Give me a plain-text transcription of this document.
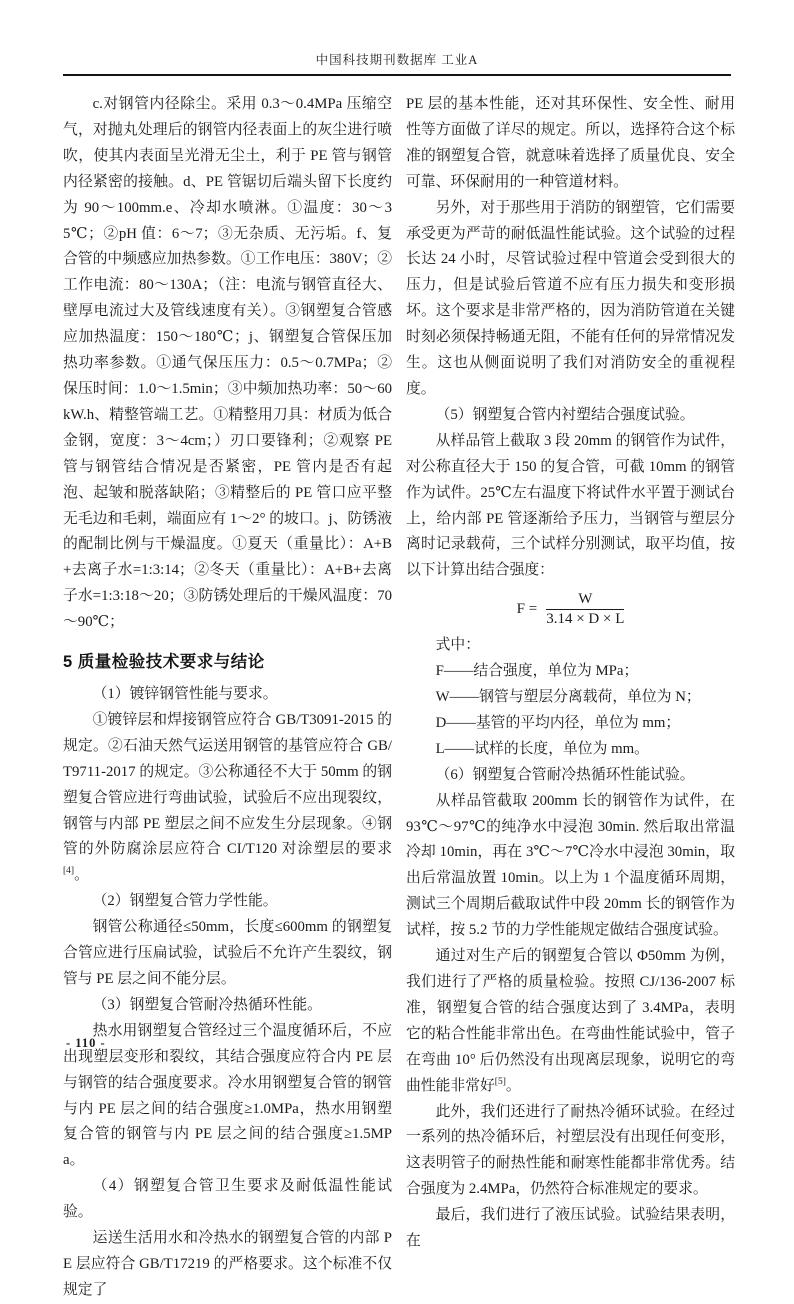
中国科技期刊数据库 工业A

c.对钢管内径除尘。采用 0.3～0.4MPa 压缩空气，对抛丸处理后的钢管内径表面上的灰尘进行喷吹，使其内表面呈光滑无尘土，利于 PE 管与钢管内径紧密的接触。d、PE 管锯切后端头留下长度约为 90～100mm.e、冷却水喷淋。①温度：30～35℃；②pH 值：6～7；③无杂质、无污垢。f、复合管的中频感应加热参数。①工作电压：380V；②工作电流：80～130A；（注：电流与钢管直径大、壁厚电流过大及管线速度有关）。③钢塑复合管感应加热温度：150～180℃；j、钢塑复合管保压加热功率参数。①通气保压压力：0.5～0.7MPa；②保压时间：1.0～1.5min；③中频加热功率：50～60kW.h、精整管端工艺。①精整用刀具：材质为低合金钢，宽度：3～4cm；）刃口要锋利；②观察 PE 管与钢管结合情况是否紧密，PE 管内是否有起泡、起皱和脱落缺陷；③精整后的 PE 管口应平整无毛边和毛刺，端面应有 1～2° 的坡口。j、防锈液的配制比例与干燥温度。①夏天（重量比）：A+B+去离子水=1:3:14；②冬天（重量比）：A+B+去离子水=1:3:18～20；③防锈处理后的干燥风温度：70～90℃；

5 质量检验技术要求与结论

（1）镀锌钢管性能与要求。

①镀锌层和焊接钢管应符合 GB/T3091-2015 的规定。②石油天然气运送用钢管的基管应符合 GB/T9711-2017 的规定。③公称通径不大于 50mm 的钢塑复合管应进行弯曲试验，试验后不应出现裂纹，钢管与内部 PE 塑层之间不应发生分层现象。④钢管的外防腐涂层应符合 CI/T120 对涂塑层的要求[4]。

（2）钢塑复合管力学性能。

钢管公称通径≤50mm，长度≤600mm 的钢塑复合管应进行压扁试验，试验后不允许产生裂纹，钢管与 PE 层之间不能分层。

（3）钢塑复合管耐冷热循环性能。

热水用钢塑复合管经过三个温度循环后，不应出现塑层变形和裂纹，其结合强度应符合内 PE 层与钢管的结合强度要求。冷水用钢塑复合管的钢管与内 PE 层之间的结合强度≥1.0MPa，热水用钢塑复合管的钢管与内 PE 层之间的结合强度≥1.5MPa。

（4）钢塑复合管卫生要求及耐低温性能试验。

运送生活用水和冷热水的钢塑复合管的内部 PE 层应符合 GB/T17219 的严格要求。这个标准不仅规定了

PE 层的基本性能，还对其环保性、安全性、耐用性等方面做了详尽的规定。所以，选择符合这个标准的钢塑复合管，就意味着选择了质量优良、安全可靠、环保耐用的一种管道材料。

另外，对于那些用于消防的钢塑管，它们需要承受更为严苛的耐低温性能试验。这个试验的过程长达 24 小时，尽管试验过程中管道会受到很大的压力，但是试验后管道不应有压力损失和变形损坏。这个要求是非常严格的，因为消防管道在关键时刻必须保持畅通无阻，不能有任何的异常情况发生。这也从侧面说明了我们对消防安全的重视程度。

（5）钢塑复合管内衬塑结合强度试验。

从样品管上截取 3 段 20mm 的钢管作为试件，对公称直径大于 150 的复合管，可截 10mm 的钢管作为试件。25℃左右温度下将试件水平置于测试台上，给内部 PE 管逐渐给予压力，当钢管与塑层分离时记录载荷，三个试样分别测试，取平均值，按以下计算出结合强度：

$F = \frac{W}{3.14 \times D \times L}$

式中：

F——结合强度，单位为 MPa；

W——钢管与塑层分离载荷，单位为 N；

D——基管的平均内径，单位为 mm；

L——试样的长度，单位为 mm。

（6）钢塑复合管耐冷热循环性能试验。

从样品管截取 200mm 长的钢管作为试件，在 93℃～97℃的纯净水中浸泡 30min. 然后取出常温冷却 10min，再在 3℃～7℃冷水中浸泡 30min，取出后常温放置 10min。以上为 1 个温度循环周期，测试三个周期后截取试件中段 20mm 长的钢管作为试样，按 5.2 节的力学性能规定做结合强度试验。

通过对生产后的钢塑复合管以 Φ50mm 为例，我们进行了严格的质量检验。按照 CJ/136-2007 标准，钢塑复合管的结合强度达到了 3.4MPa，表明它的粘合性能非常出色。在弯曲性能试验中，管子在弯曲 10° 后仍然没有出现离层现象，说明它的弯曲性能非常好[5]。

此外，我们还进行了耐热冷循环试验。在经过一系列的热冷循环后，衬塑层没有出现任何变形，这表明管子的耐热性能和耐寒性能都非常优秀。结合强度为 2.4MPa，仍然符合标准规定的要求。

最后，我们进行了液压试验。试验结果表明，在

- 110 -
